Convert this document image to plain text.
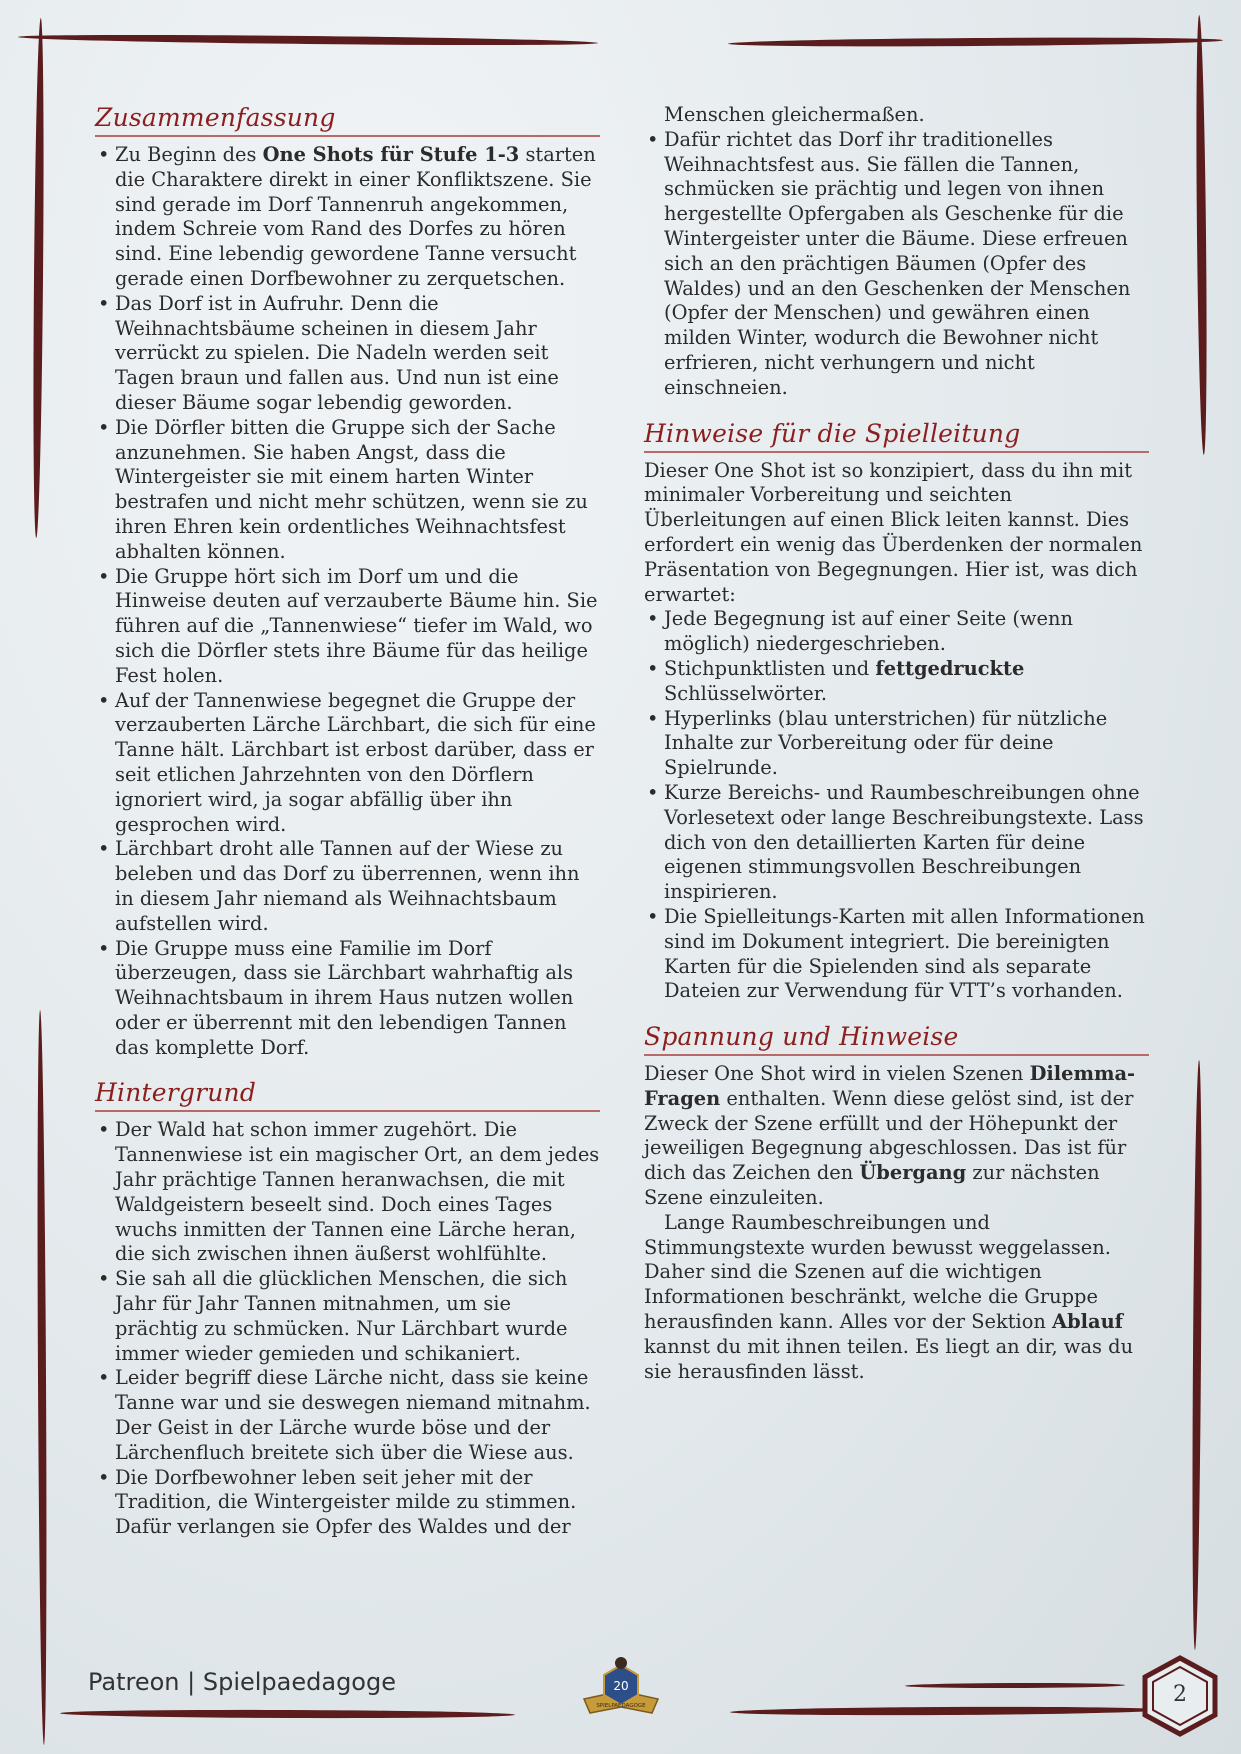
Zusammenfassung
• Zu Beginn des One Shots für Stufe 1-3 starten die Charaktere direkt in einer Konfliktszene. Sie sind gerade im Dorf Tannenruh angekommen, indem Schreie vom Rand des Dorfes zu hören sind. Eine lebendig gewordene Tanne versucht gerade einen Dorfbewohner zu zerquetschen.
• Das Dorf ist in Aufruhr. Denn die Weihnachtsbäume scheinen in diesem Jahr verrückt zu spielen. Die Nadeln werden seit Tagen braun und fallen aus. Und nun ist eine dieser Bäume sogar lebendig geworden.
• Die Dörfler bitten die Gruppe sich der Sache anzunehmen. Sie haben Angst, dass die Wintergeister sie mit einem harten Winter bestrafen und nicht mehr schützen, wenn sie zu ihren Ehren kein ordentliches Weihnachtsfest abhalten können.
• Die Gruppe hört sich im Dorf um und die Hinweise deuten auf verzauberte Bäume hin. Sie führen auf die „Tannenwiese“ tiefer im Wald, wo sich die Dörfler stets ihre Bäume für das heilige Fest holen.
• Auf der Tannenwiese begegnet die Gruppe der verzauberten Lärche Lärchbart, die sich für eine Tanne hält. Lärchbart ist erbost darüber, dass er seit etlichen Jahrzehnten von den Dörflern ignoriert wird, ja sogar abfällig über ihn gesprochen wird.
• Lärchbart droht alle Tannen auf der Wiese zu beleben und das Dorf zu überrennen, wenn ihn in diesem Jahr niemand als Weihnachtsbaum aufstellen wird.
• Die Gruppe muss eine Familie im Dorf überzeugen, dass sie Lärchbart wahrhaftig als Weihnachtsbaum in ihrem Haus nutzen wollen oder er überrennt mit den lebendigen Tannen das komplette Dorf.
Hintergrund
• Der Wald hat schon immer zugehört. Die Tannenwiese ist ein magischer Ort, an dem jedes Jahr prächtige Tannen heranwachsen, die mit Waldgeistern beseelt sind. Doch eines Tages wuchs inmitten der Tannen eine Lärche heran, die sich zwischen ihnen äußerst wohlfühlte.
• Sie sah all die glücklichen Menschen, die sich Jahr für Jahr Tannen mitnahmen, um sie prächtig zu schmücken. Nur Lärchbart wurde immer wieder gemieden und schikaniert.
• Leider begriff diese Lärche nicht, dass sie keine Tanne war und sie deswegen niemand mitnahm. Der Geist in der Lärche wurde böse und der Lärchenfluch breitete sich über die Wiese aus.
• Die Dorfbewohner leben seit jeher mit der Tradition, die Wintergeister milde zu stimmen. Dafür verlangen sie Opfer des Waldes und der

Menschen gleichermaßen.

• Dafür richtet das Dorf ihr traditionelles Weihnachtsfest aus. Sie fällen die Tannen, schmücken sie prächtig und legen von ihnen hergestellte Opfergaben als Geschenke für die Wintergeister unter die Bäume. Diese erfreuen sich an den prächtigen Bäumen (Opfer des Waldes) und an den Geschenken der Menschen (Opfer der Menschen) und gewähren einen milden Winter, wodurch die Bewohner nicht erfrieren, nicht verhungern und nicht einschneien.
Hinweise für die Spielleitung

Dieser One Shot ist so konzipiert, dass du ihn mit minimaler Vorbereitung und seichten Überleitungen auf einen Blick leiten kannst. Dies erfordert ein wenig das Überdenken der normalen Präsentation von Begegnungen. Hier ist, was dich erwartet:

• Jede Begegnung ist auf einer Seite (wenn möglich) niedergeschrieben.
• Stichpunktlisten und fettgedruckte Schlüsselwörter.
• Hyperlinks (blau unterstrichen) für nützliche Inhalte zur Vorbereitung oder für deine Spielrunde.
• Kurze Bereichs- und Raumbeschreibungen ohne Vorlesetext oder lange Beschreibungstexte. Lass dich von den detaillierten Karten für deine eigenen stimmungsvollen Beschreibungen inspirieren.
• Die Spielleitungs-Karten mit allen Informationen sind im Dokument integriert. Die bereinigten Karten für die Spielenden sind als separate Dateien zur Verwendung für VTT’s vorhanden.
Spannung und Hinweise

Dieser One Shot wird in vielen Szenen Dilemma-Fragen enthalten. Wenn diese gelöst sind, ist der Zweck der Szene erfüllt und der Höhepunkt der jeweiligen Begegnung abgeschlossen. Das ist für dich das Zeichen den Übergang zur nächsten Szene einzuleiten.

Lange Raumbeschreibungen und Stimmungstexte wurden bewusst weggelassen. Daher sind die Szenen auf die wichtigen Informationen beschränkt, welche die Gruppe herausfinden kann. Alles vor der Sektion Ablauf kannst du mit ihnen teilen. Es liegt an dir, was du sie herausfinden lässt.

Patreon | Spielpaedagoge	20
SPIELPAEDAGOGE	2
